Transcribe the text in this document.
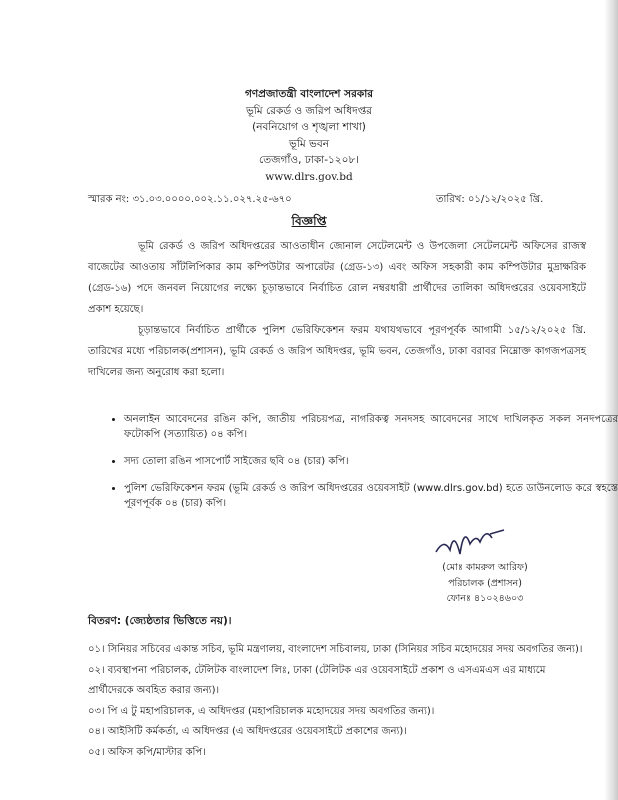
গণপ্রজাতন্ত্রী বাংলাদেশ সরকার
ভূমি রেকর্ড ও জরিপ অধিদপ্তর
(নবনিয়োগ ও শৃঙ্খলা শাখা)
ভূমি ভবন
তেজগাঁও, ঢাকা-১২০৮।
www.dlrs.gov.bd
স্মারক নং: ৩১.০৩.০০০০.০০২.১১.০২৭.২৫-৬৭০	তারিখ: ০১/১২/২০২৫ খ্রি.
বিজ্ঞপ্তি
ভূমি রেকর্ড ও জরিপ অধিদপ্তরের আওতাধীন জোনাল সেটেলমেন্ট ও উপজেলা সেটেলমেন্ট অফিসের রাজস্ব বাজেটের আওতায় সাঁটলিপিকার কাম কম্পিউটার অপারেটর (গ্রেড-১৩) এবং অফিস সহকারী কাম কম্পিউটার মুদ্রাক্ষরিক (গ্রেড-১৬) পদে জনবল নিয়োগের লক্ষ্যে চূড়ান্তভাবে নির্বাচিত রোল নম্বরধারী প্রার্থীদের তালিকা অধিদপ্তরের ওয়েবসাইটে প্রকাশ হয়েছে।
চূড়ান্তভাবে নির্বাচিত প্রার্থীকে পুলিশ ভেরিফিকেশন ফরম যথাযথভাবে পূরণপূর্বক আগামী ১৫/১২/২০২৫ খ্রি. তারিখের মধ্যে পরিচালক(প্রশাসন), ভূমি রেকর্ড ও জরিপ অধিদপ্তর, ভূমি ভবন, তেজগাঁও, ঢাকা বরাবর নিম্নোক্ত কাগজপত্রসহ দাখিলের জন্য অনুরোধ করা হলো।
• অনলাইন আবেদনের রঙিন কপি, জাতীয় পরিচয়পত্র, নাগরিকত্ব সনদসহ আবেদনের সাথে দাখিলকৃত সকল সনদপত্রের ফটোকপি (সত্যায়িত) ০৪ কপি।
• সদ্য তোলা রঙিন পাসপোর্ট সাইজের ছবি ০৪ (চার) কপি।
• পুলিশ ভেরিফিকেশন ফরম (ভূমি রেকর্ড ও জরিপ অধিদপ্তরের ওয়েবসাইট (www.dlrs.gov.bd) হতে ডাউনলোড করে স্বহস্তে পূরণপূর্বক ০৪ (চার) কপি।
(মোঃ কামরুল আরিফ)
পরিচালক (প্রশাসন)
ফোনঃ ৪১০২৪৬০৩
বিতরণ: (জ্যেষ্ঠতার ভিত্তিতে নয়)।
০১। সিনিয়র সচিবের একান্ত সচিব, ভূমি মন্ত্রণালয়, বাংলাদেশ সচিবালয়, ঢাকা (সিনিয়র সচিব মহোদয়ের সদয় অবগতির জন্য)।
০২। ব্যবস্থাপনা পরিচালক, টেলিটক বাংলাদেশ লিঃ, ঢাকা (টেলিটক এর ওয়েবসাইটে প্রকাশ ও এসএমএস এর মাধ্যমে প্রার্থীদেরকে অবহিত করার জন্য)।
০৩। পি এ টু মহাপরিচালক, এ অধিদপ্তর (মহাপরিচালক মহোদয়ের সদয় অবগতির জন্য)।
০৪। আইসিটি কর্মকর্তা, এ অধিদপ্তর (এ অধিদপ্তরের ওয়েবসাইটে প্রকাশের জন্য)।
০৫। অফিস কপি/মাস্টার কপি।
